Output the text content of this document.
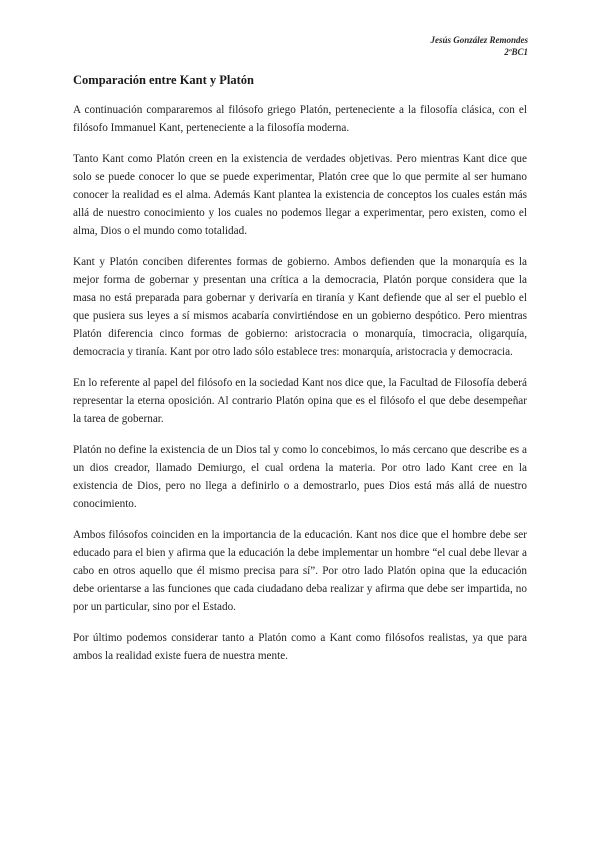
Jesús González Remondes
2ºBC1
Comparación entre Kant y Platón

A continuación compararemos al filósofo griego Platón, perteneciente a la filosofía clásica, con el filósofo Immanuel Kant, perteneciente a la filosofía moderna.

Tanto Kant como Platón creen en la existencia de verdades objetivas. Pero mientras Kant dice que solo se puede conocer lo que se puede experimentar, Platón cree que lo que permite al ser humano conocer la realidad es el alma. Además Kant plantea la existencia de conceptos los cuales están más allá de nuestro conocimiento y los cuales no podemos llegar a experimentar, pero existen, como el alma, Dios o el mundo como totalidad.

Kant y Platón conciben diferentes formas de gobierno. Ambos defienden que la monarquía es la mejor forma de gobernar y presentan una crítica a la democracia, Platón porque considera que la masa no está preparada para gobernar y derivaría en tiranía y Kant defiende que al ser el pueblo el que pusiera sus leyes a sí mismos acabaría convirtiéndose en un gobierno despótico. Pero mientras Platón diferencia cinco formas de gobierno: aristocracia o monarquía, timocracia, oligarquía, democracia y tiranía. Kant por otro lado sólo establece tres: monarquía, aristocracia y democracia.

En lo referente al papel del filósofo en la sociedad Kant nos dice que, la Facultad de Filosofía deberá representar la eterna oposición. Al contrario Platón opina que es el filósofo el que debe desempeñar la tarea de gobernar.

Platón no define la existencia de un Dios tal y como lo concebimos, lo más cercano que describe es a un dios creador, llamado Demiurgo, el cual ordena la materia. Por otro lado Kant cree en la existencia de Dios, pero no llega a definirlo o a demostrarlo, pues Dios está más allá de nuestro conocimiento.

Ambos filósofos coinciden en la importancia de la educación. Kant nos dice que el hombre debe ser educado para el bien y afirma que la educación la debe implementar un hombre “el cual debe llevar a cabo en otros aquello que él mismo precisa para sí”. Por otro lado Platón opina que la educación debe orientarse a las funciones que cada ciudadano deba realizar y afirma que debe ser impartida, no por un particular, sino por el Estado.

Por último podemos considerar tanto a Platón como a Kant como filósofos realistas, ya que para ambos la realidad existe fuera de nuestra mente.
